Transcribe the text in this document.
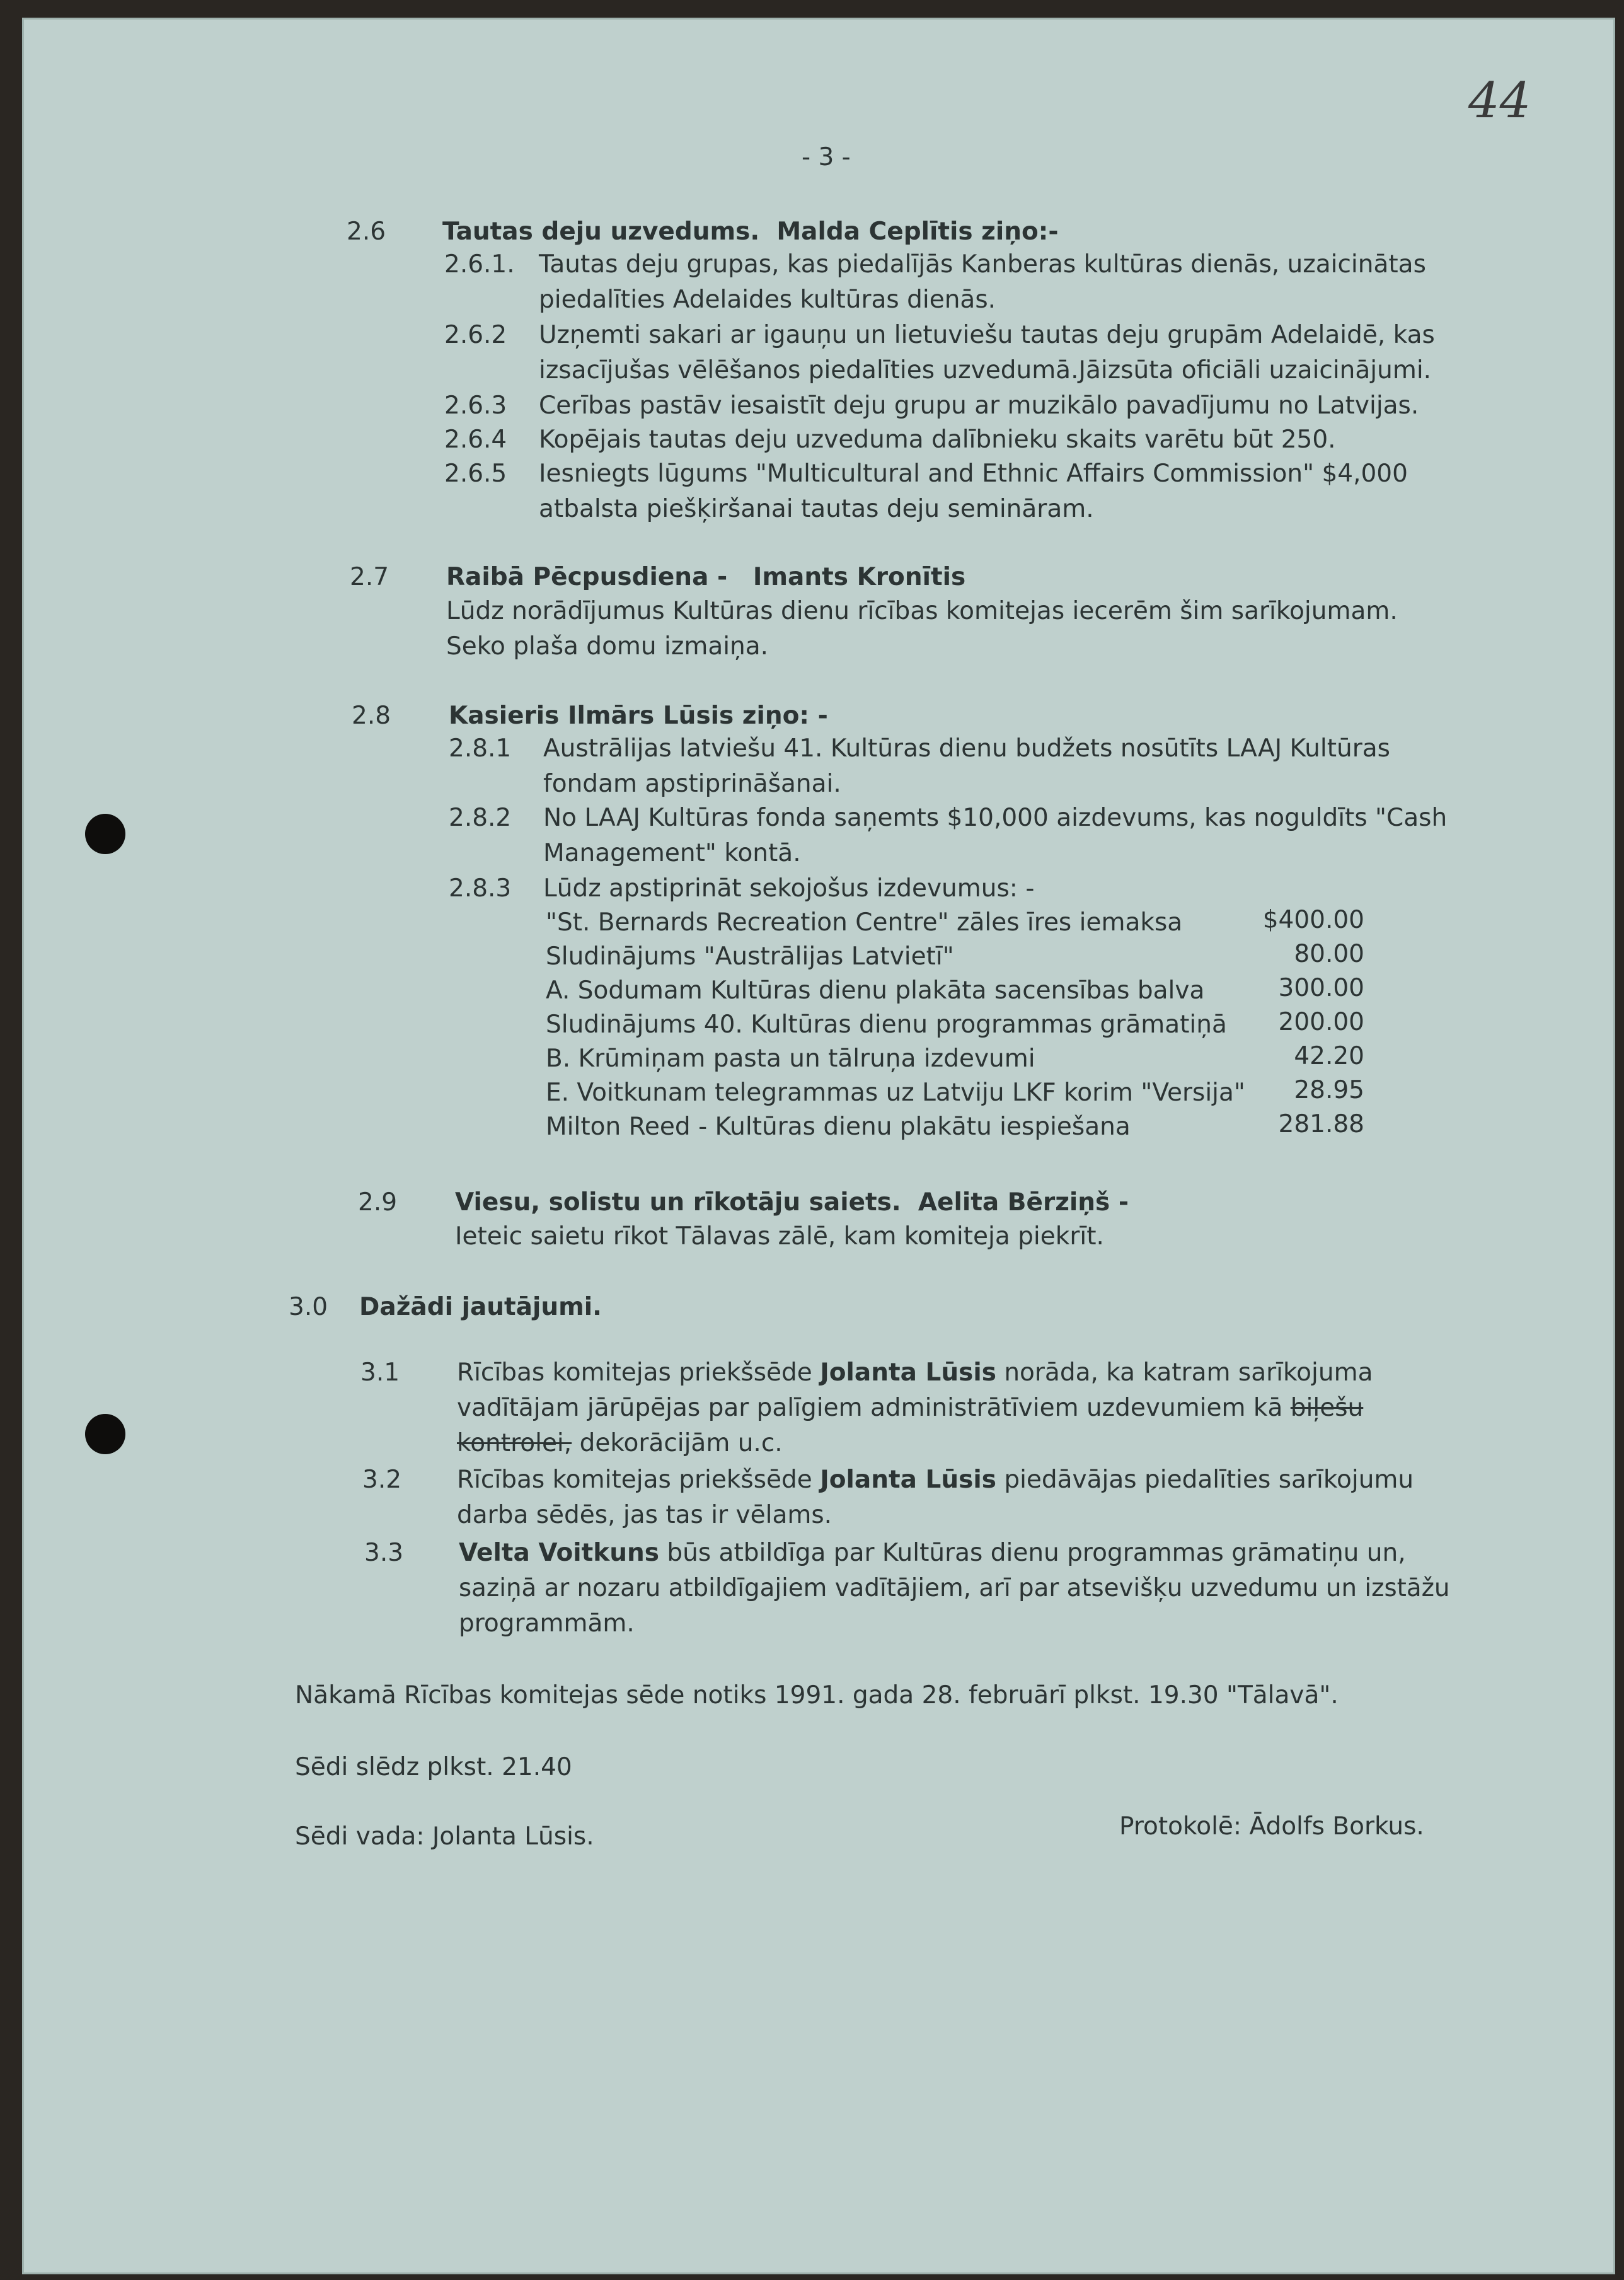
- 3 -
44
2.6 Tautas deju uzvedums. Malda Ceplītis ziņo:-
2.6.1. Tautas deju grupas, kas piedalījās Kanberas kultūras dienās, uzaicinātas
piedalīties Adelaides kultūras dienās.
2.6.2 Uzņemti sakari ar igauņu un lietuviešu tautas deju grupām Adelaidē, kas
izsacījušas vēlēšanos piedalīties uzvedumā.Jāizsūta oficiāli uzaicinājumi.
2.6.3 Cerības pastāv iesaistīt deju grupu ar muzikālo pavadījumu no Latvijas.
2.6.4 Kopējais tautas deju uzveduma dalībnieku skaits varētu būt 250.
2.6.5 Iesniegts lūgums "Multicultural and Ethnic Affairs Commission" $4,000
atbalsta piešķiršanai tautas deju semināram.
2.7 Raibā Pēcpusdiena - Imants Kronītis
Lūdz norādījumus Kultūras dienu rīcības komitejas iecerēm šim sarīkojumam.
Seko plaša domu izmaiņa.
2.8 Kasieris Ilmārs Lūsis ziņo: -
2.8.1 Austrālijas latviešu 41. Kultūras dienu budžets nosūtīts LAAJ Kultūras
fondam apstiprināšanai.
2.8.2 No LAAJ Kultūras fonda saņemts $10,000 aizdevums, kas noguldīts "Cash
Management" kontā.
2.8.3 Lūdz apstiprināt sekojošus izdevumus: -
"St. Bernards Recreation Centre" zāles īres iemaksa	$400.00
Sludinājums "Austrālijas Latvietī"	80.00
A. Sodumam Kultūras dienu plakāta sacensības balva	300.00
Sludinājums 40. Kultūras dienu programmas grāmatiņā	200.00
B. Krūmiņam pasta un tālruņa izdevumi	42.20
E. Voitkunam telegrammas uz Latviju LKF korim "Versija"	28.95
Milton Reed - Kultūras dienu plakātu iespiešana	281.88
2.9 Viesu, solistu un rīkotāju saiets. Aelita Bērziņš -
Ieteic saietu rīkot Tālavas zālē, kam komiteja piekrīt.
3.0 Dažādi jautājumi.
3.1 Rīcības komitejas priekšsēde Jolanta Lūsis norāda, ka katram sarīkojuma
vadītājam jārūpējas par palīgiem administrātīviem uzdevumiem kā biļešu
kontrolei, dekorācijām u.c.
3.2 Rīcības komitejas priekšsēde Jolanta Lūsis piedāvājas piedalīties sarīkojumu
darba sēdēs, jas tas ir vēlams.
3.3 Velta Voitkuns būs atbildīga par Kultūras dienu programmas grāmatiņu un,
saziņā ar nozaru atbildīgajiem vadītājiem, arī par atsevišķu uzvedumu un izstāžu
programmām.
Nākamā Rīcības komitejas sēde notiks 1991. gada 28. februārī plkst. 19.30 "Tālavā".
Sēdi slēdz plkst. 21.40
Sēdi vada: Jolanta Lūsis.	Protokolē: Ādolfs Borkus.
